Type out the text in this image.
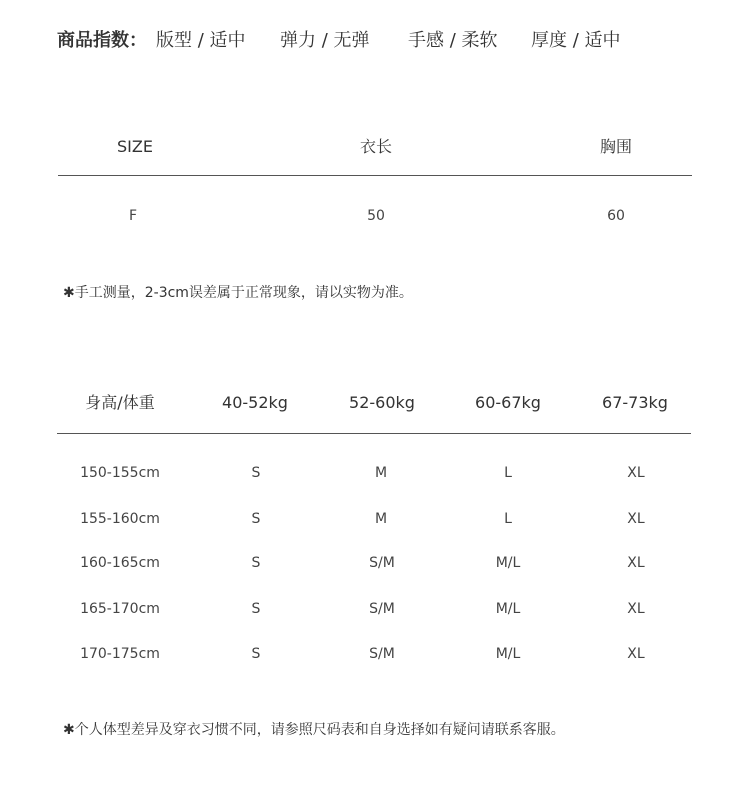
商品指数： 版型 / 适中 弹力 / 无弹 手感 / 柔软 厚度 / 适中
SIZE	衣长	胸围
F	50	60
✱手工测量，2-3cm误差属于正常现象，请以实物为准。
身高/体重	40-52kg	52-60kg	60-67kg	67-73kg
150-155cm	S	M	L	XL
155-160cm	S	M	L	XL
160-165cm	S	S/M	M/L	XL
165-170cm	S	S/M	M/L	XL
170-175cm	S	S/M	M/L	XL
✱个人体型差异及穿衣习惯不同，请参照尺码表和自身选择如有疑问请联系客服。
